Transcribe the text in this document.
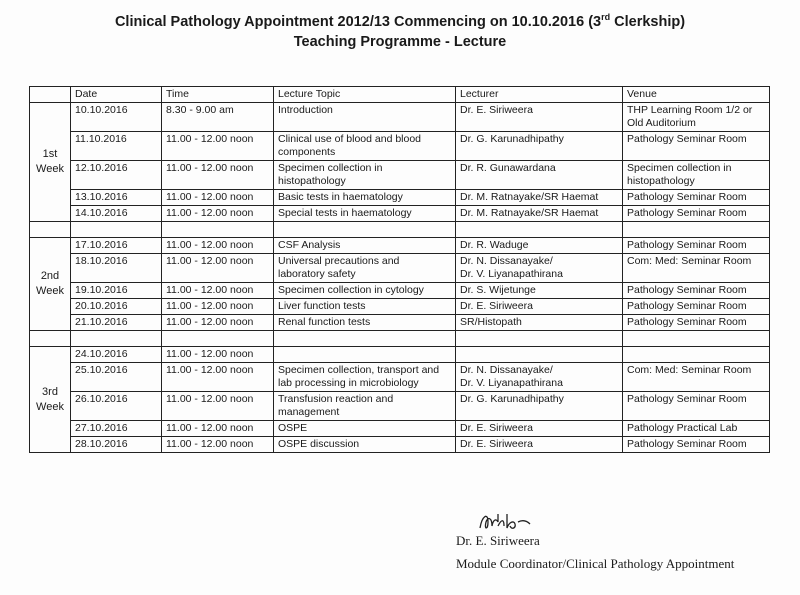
Clinical Pathology Appointment 2012/13 Commencing on 10.10.2016 (3rd Clerkship)
Teaching Programme - Lecture
	Date	Time	Lecture Topic	Lecturer	Venue
1st
Week	10.10.2016	8.30 - 9.00 am	Introduction	Dr. E. Siriweera	THP Learning Room 1/2 or
Old Auditorium
	11.10.2016	11.00 - 12.00 noon	Clinical use of blood and blood
components	Dr. G. Karunadhipathy	Pathology Seminar Room
	12.10.2016	11.00 - 12.00 noon	Specimen collection in
histopathology	Dr. R. Gunawardana	Specimen collection in
histopathology
	13.10.2016	11.00 - 12.00 noon	Basic tests in haematology	Dr. M. Ratnayake/SR Haemat	Pathology Seminar Room
	14.10.2016	11.00 - 12.00 noon	Special tests in haematology	Dr. M. Ratnayake/SR Haemat	Pathology Seminar Room

2nd
Week	17.10.2016	11.00 - 12.00 noon	CSF Analysis	Dr. R. Waduge	Pathology Seminar Room
	18.10.2016	11.00 - 12.00 noon	Universal precautions and
laboratory safety	Dr. N. Dissanayake/
Dr. V. Liyanapathirana	Com: Med: Seminar Room
	19.10.2016	11.00 - 12.00 noon	Specimen collection in cytology	Dr. S. Wijetunge	Pathology Seminar Room
	20.10.2016	11.00 - 12.00 noon	Liver function tests	Dr. E. Siriweera	Pathology Seminar Room
	21.10.2016	11.00 - 12.00 noon	Renal function tests	SR/Histopath	Pathology Seminar Room

3rd
Week	24.10.2016	11.00 - 12.00 noon			
	25.10.2016	11.00 - 12.00 noon	Specimen collection, transport and
lab processing in microbiology	Dr. N. Dissanayake/
Dr. V. Liyanapathirana	Com: Med: Seminar Room
	26.10.2016	11.00 - 12.00 noon	Transfusion reaction and
management	Dr. G. Karunadhipathy	Pathology Seminar Room
	27.10.2016	11.00 - 12.00 noon	OSPE	Dr. E. Siriweera	Pathology Practical Lab
	28.10.2016	11.00 - 12.00 noon	OSPE discussion	Dr. E. Siriweera	Pathology Seminar Room
Dr. E. Siriweera
Module Coordinator/Clinical Pathology Appointment
